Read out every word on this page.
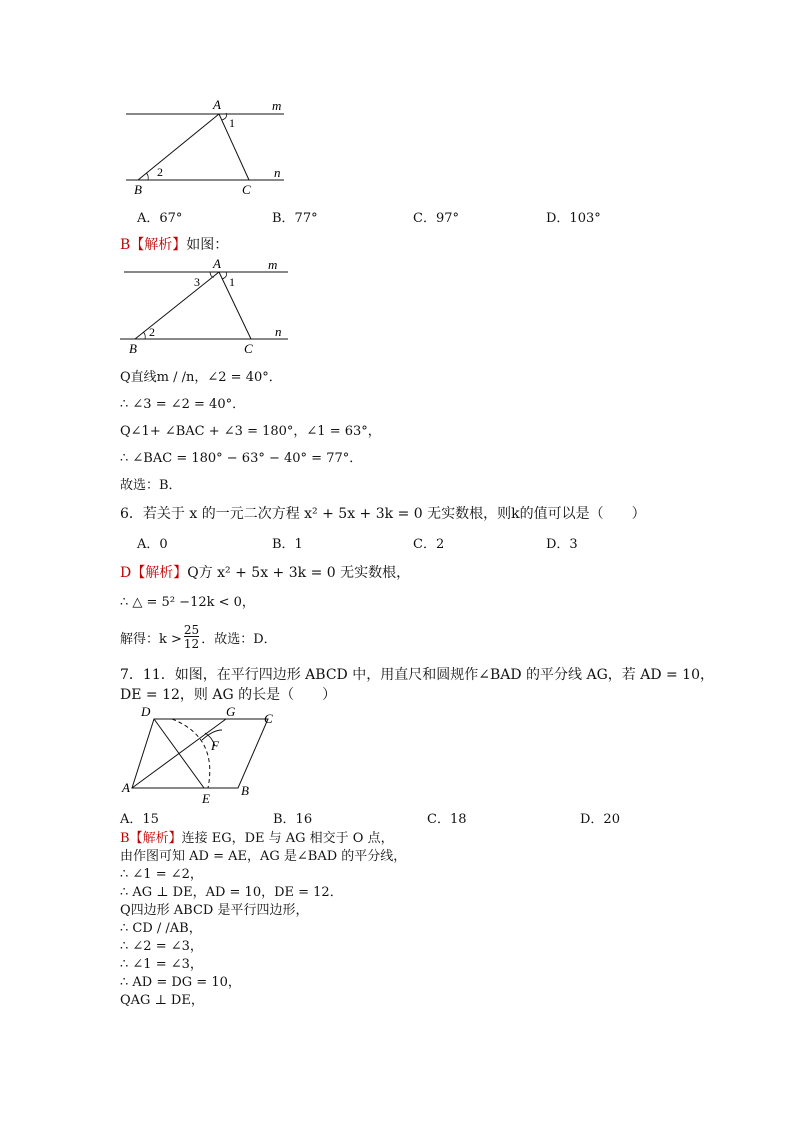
A	m
1
2
B	C
n
A．67°	B．77°	C．97°	D．103°
B【解析】如图：
A	m
3 1
2
B	C
n
Q直线m / /n，∠2 = 40°．
∴ ∠3 = ∠2 = 40°．
Q∠1+ ∠BAC + ∠3 = 180°，∠1 = 63°，
∴ ∠BAC = 180° − 63° − 40° = 77°．
故选：B．
6．若关于 x 的一元二次方程 x² + 5x + 3k = 0 无实数根，则k的值可以是（　　）
A．0	B．1	C．2	D．3
D【解析】Q方 x² + 5x + 3k = 0 无实数根，
∴ △ = 5² −12k < 0，
解得：$k > \frac{25}{12}$ ．故选：D．
7．11．如图，在平行四边形 ABCD 中，用直尺和圆规作∠BAD 的平分线 AG，若 AD = 10，
DE = 12，则 AG 的长是（　　）
D	G C
F
A
E
B
A．15	B．16	C．18	D．20
B【解析】连接 EG，DE 与 AG 相交于 O 点，
由作图可知 AD = AE，AG 是∠BAD 的平分线，
∴ ∠1 = ∠2，
∴ AG ⊥ DE，AD = 10，DE = 12．
Q四边形 ABCD 是平行四边形，
∴ CD / /AB，
∴ ∠2 = ∠3，
∴ ∠1 = ∠3，
∴ AD = DG = 10，
QAG ⊥ DE，
